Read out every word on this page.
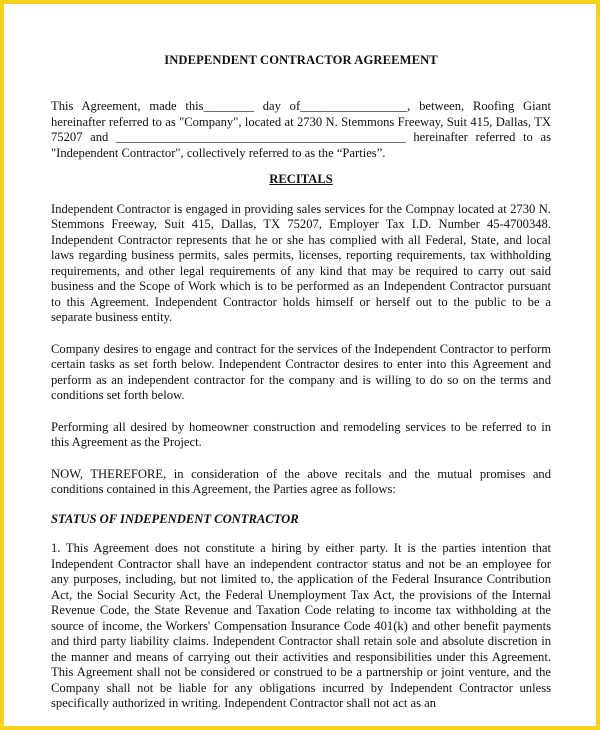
INDEPENDENT CONTRACTOR AGREEMENT

This Agreement, made this________ day of_________________, between, Roofing Giant hereinafter referred to as "Company", located at 2730 N. Stemmons Freeway, Suit 415, Dallas, TX 75207 and ______________________________________________ hereinafter referred to as "Independent Contractor", collectively referred to as the “Parties”.

RECITALS

Independent Contractor is engaged in providing sales services for the Compnay located at 2730 N. Stemmons Freeway, Suit 415, Dallas, TX 75207, Employer Tax I.D. Number 45-4700348. Independent Contractor represents that he or she has complied with all Federal, State, and local laws regarding business permits, sales permits, licenses, reporting requirements, tax withholding requirements, and other legal requirements of any kind that may be required to carry out said business and the Scope of Work which is to be performed as an Independent Contractor pursuant to this Agreement. Independent Contractor holds himself or herself out to the public to be a separate business entity.

Company desires to engage and contract for the services of the Independent Contractor to perform certain tasks as set forth below. Independent Contractor desires to enter into this Agreement and perform as an independent contractor for the company and is willing to do so on the terms and conditions set forth below.

Performing all desired by homeowner construction and remodeling services to be referred to in this Agreement as the Project.

NOW, THEREFORE, in consideration of the above recitals and the mutual promises and conditions contained in this Agreement, the Parties agree as follows:

STATUS OF INDEPENDENT CONTRACTOR

1. This Agreement does not constitute a hiring by either party. It is the parties intention that Independent Contractor shall have an independent contractor status and not be an employee for any purposes, including, but not limited to, the application of the Federal Insurance Contribution Act, the Social Security Act, the Federal Unemployment Tax Act, the provisions of the Internal Revenue Code, the State Revenue and Taxation Code relating to income tax withholding at the source of income, the Workers' Compensation Insurance Code 401(k) and other benefit payments and third party liability claims. Independent Contractor shall retain sole and absolute discretion in the manner and means of carrying out their activities and responsibilities under this Agreement. This Agreement shall not be considered or construed to be a partnership or joint venture, and the Company shall not be liable for any obligations incurred by Independent Contractor unless specifically authorized in writing. Independent Contractor shall not act as an
